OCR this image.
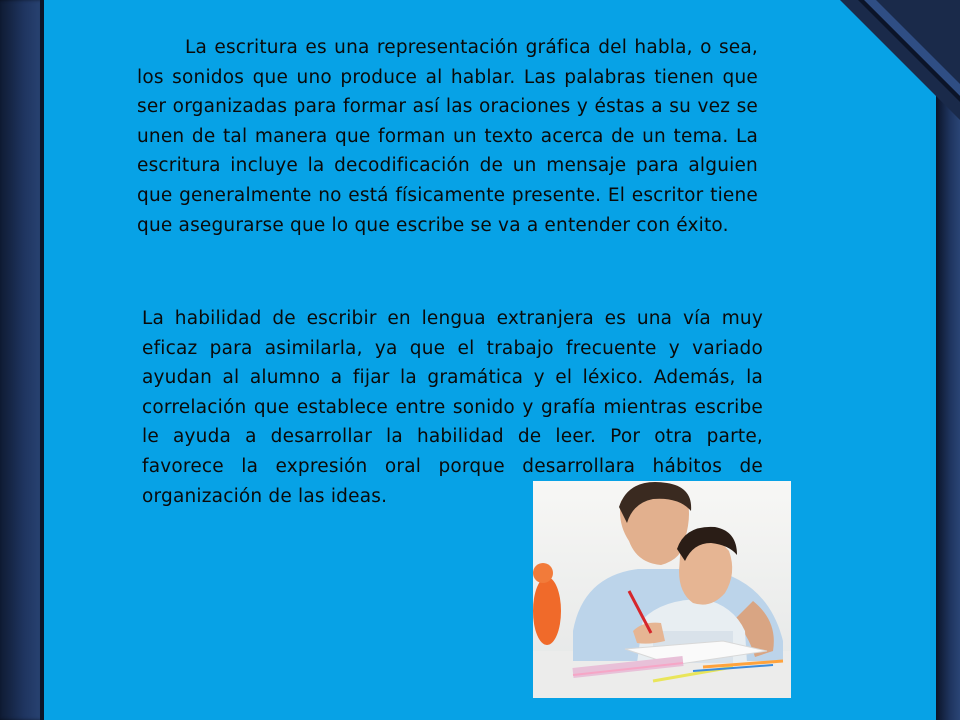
La escritura es una representación gráfica del habla, o sea, los sonidos que uno produce al hablar. Las palabras tienen que ser organizadas para formar así las oraciones y éstas a su vez se unen de tal manera que forman un texto acerca de un tema. La escritura incluye la decodificación de un mensaje para alguien que generalmente no está físicamente presente. El escritor tiene que asegurarse que lo que escribe se va a entender con éxito.

La habilidad de escribir en lengua extranjera es una vía muy eficaz para asimilarla, ya que el trabajo frecuente y variado ayudan al alumno a fijar la gramática y el léxico. Además, la correlación que establece entre sonido y grafía mientras escribe le ayuda a desarrollar la habilidad de leer. Por otra parte, favorece la expresión oral porque desarrollara hábitos de organización de las ideas.
